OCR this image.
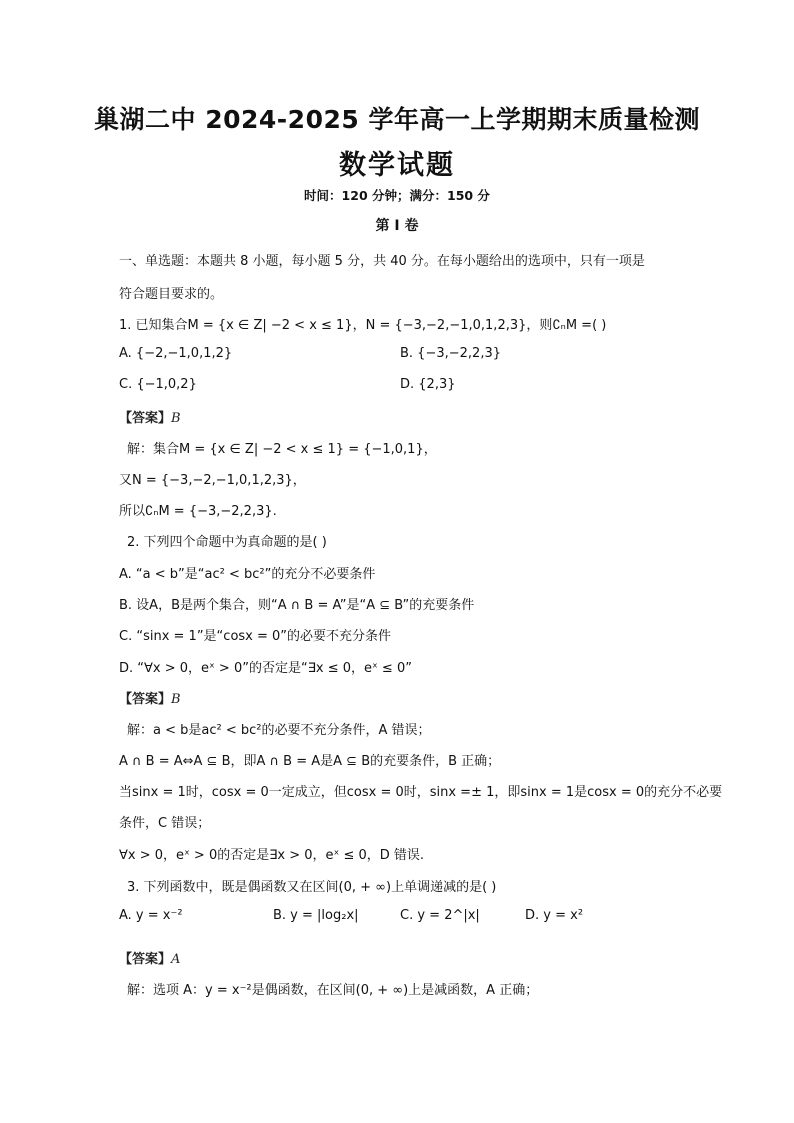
巢湖二中 2024-2025 学年高一上学期期末质量检测
数学试题
时间：120 分钟；满分：150 分
第 I 卷
一、单选题：本题共 8 小题，每小题 5 分，共 40 分。在每小题给出的选项中，只有一项是
符合题目要求的。
1. 已知集合M = {x ∈ Z| −2 < x ≤ 1}，N = {−3,−2,−1,0,1,2,3}，则∁ₙM =( )
A. {−2,−1,0,1,2}	B. {−3,−2,2,3}
C. {−1,0,2}	D. {2,3}
【答案】B
解：集合M = {x ∈ Z| −2 < x ≤ 1} = {−1,0,1}，
又N = {−3,−2,−1,0,1,2,3}，
所以∁ₙM = {−3,−2,2,3}.
2. 下列四个命题中为真命题的是( )
A. “a < b”是“ac² < bc²”的充分不必要条件
B. 设A，B是两个集合，则“A ∩ B = A”是“A ⊆ B”的充要条件
C. “sinx = 1”是“cosx = 0”的必要不充分条件
D. “∀x > 0，eˣ > 0”的否定是“∃x ≤ 0，eˣ ≤ 0”
【答案】B
解：a < b是ac² < bc²的必要不充分条件，A 错误；
A ∩ B = A⇔A ⊆ B，即A ∩ B = A是A ⊆ B的充要条件，B 正确；
当sinx = 1时，cosx = 0一定成立，但cosx = 0时，sinx =± 1，即sinx = 1是cosx = 0的充分不必要
条件，C 错误；
∀x > 0，eˣ > 0的否定是∃x > 0，eˣ ≤ 0，D 错误.
3. 下列函数中，既是偶函数又在区间(0, + ∞)上单调递减的是( )
A. y = x⁻²	B. y = |log₂x|	C. y = 2^|x|	D. y = x²
【答案】A
解：选项 A：y = x⁻²是偶函数，在区间(0, + ∞)上是减函数，A 正确；
